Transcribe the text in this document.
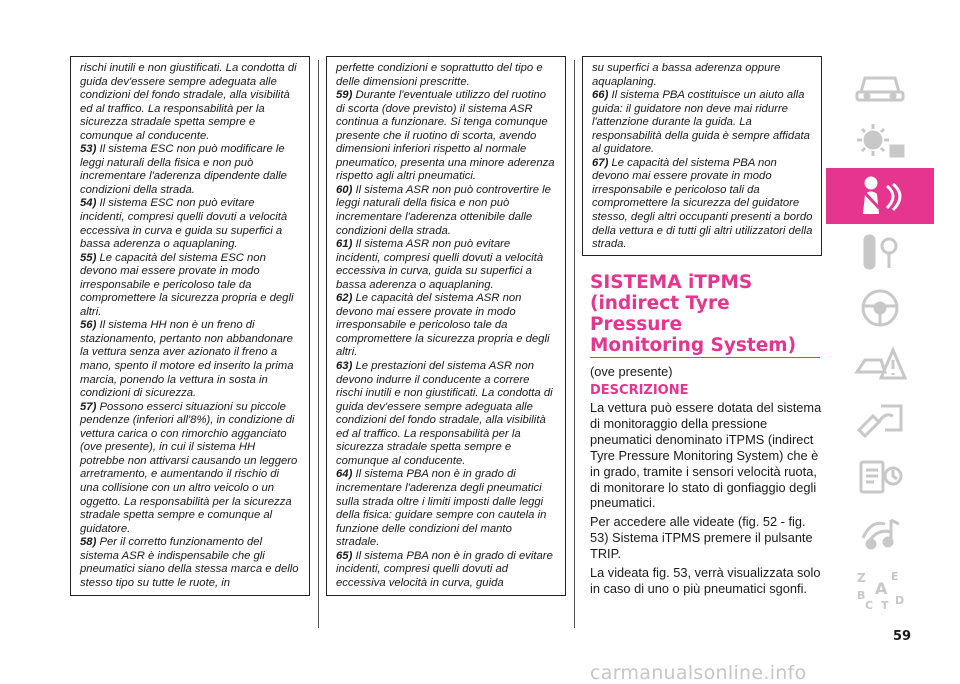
rischi inutili e non giustificati. La condotta di guida dev'essere sempre adeguata alle condizioni del fondo stradale, alla visibilità ed al traffico. La responsabilità per la sicurezza stradale spetta sempre e comunque al conducente.

53) Il sistema ESC non può modificare le leggi naturali della fisica e non può incrementare l'aderenza dipendente dalle condizioni della strada.

54) Il sistema ESC non può evitare incidenti, compresi quelli dovuti a velocità eccessiva in curva e guida su superfici a bassa aderenza o aquaplaning.

55) Le capacità del sistema ESC non devono mai essere provate in modo irresponsabile e pericoloso tale da compromettere la sicurezza propria e degli altri.

56) Il sistema HH non è un freno di stazionamento, pertanto non abbandonare la vettura senza aver azionato il freno a mano, spento il motore ed inserito la prima marcia, ponendo la vettura in sosta in condizioni di sicurezza.

57) Possono esserci situazioni su piccole pendenze (inferiori all'8%), in condizione di vettura carica o con rimorchio agganciato (ove presente), in cui il sistema HH potrebbe non attivarsi causando un leggero arretramento, e aumentando il rischio di una collisione con un altro veicolo o un oggetto. La responsabilità per la sicurezza stradale spetta sempre e comunque al guidatore.

58) Per il corretto funzionamento del sistema ASR è indispensabile che gli pneumatici siano della stessa marca e dello stesso tipo su tutte le ruote, in

perfette condizioni e soprattutto del tipo e delle dimensioni prescritte.

59) Durante l'eventuale utilizzo del ruotino di scorta (dove previsto) il sistema ASR continua a funzionare. Si tenga comunque presente che il ruotino di scorta, avendo dimensioni inferiori rispetto al normale pneumatico, presenta una minore aderenza rispetto agli altri pneumatici.

60) Il sistema ASR non può controvertire le leggi naturali della fisica e non può incrementare l'aderenza ottenibile dalle condizioni della strada.

61) Il sistema ASR non può evitare incidenti, compresi quelli dovuti a velocità eccessiva in curva, guida su superfici a bassa aderenza o aquaplaning.

62) Le capacità del sistema ASR non devono mai essere provate in modo irresponsabile e pericoloso tale da compromettere la sicurezza propria e degli altri.

63) Le prestazioni del sistema ASR non devono indurre il conducente a correre rischi inutili e non giustificati. La condotta di guida dev'essere sempre adeguata alle condizioni del fondo stradale, alla visibilità ed al traffico. La responsabilità per la sicurezza stradale spetta sempre e comunque al conducente.

64) Il sistema PBA non è in grado di incrementare l'aderenza degli pneumatici sulla strada oltre i limiti imposti dalle leggi della fisica: guidare sempre con cautela in funzione delle condizioni del manto stradale.

65) Il sistema PBA non è in grado di evitare incidenti, compresi quelli dovuti ad eccessiva velocità in curva, guida

su superfici a bassa aderenza oppure aquaplaning.

66) Il sistema PBA costituisce un aiuto alla guida: il guidatore non deve mai ridurre l'attenzione durante la guida. La responsabilità della guida è sempre affidata al guidatore.

67) Le capacità del sistema PBA non devono mai essere provate in modo irresponsabile e pericoloso tali da compromettere la sicurezza del guidatore stesso, degli altri occupanti presenti a bordo della vettura e di tutti gli altri utilizzatori della strada.

SISTEMA iTPMS
(indirect Tyre
Pressure
Monitoring System)

(ove presente)

DESCRIZIONE

La vettura può essere dotata del sistema di monitoraggio della pressione pneumatici denominato iTPMS (indirect Tyre Pressure Monitoring System) che è in grado, tramite i sensori velocità ruota, di monitorare lo stato di gonfiaggio degli pneumatici.

Per accedere alle videate (fig. 52 - fig. 53) Sistema iTPMS premere il pulsante TRIP.

La videata fig. 53, verrà visualizzata solo in caso di uno o più pneumatici sgonfi.

Z E
A
B
C T D

59

carmanualsonline.info
